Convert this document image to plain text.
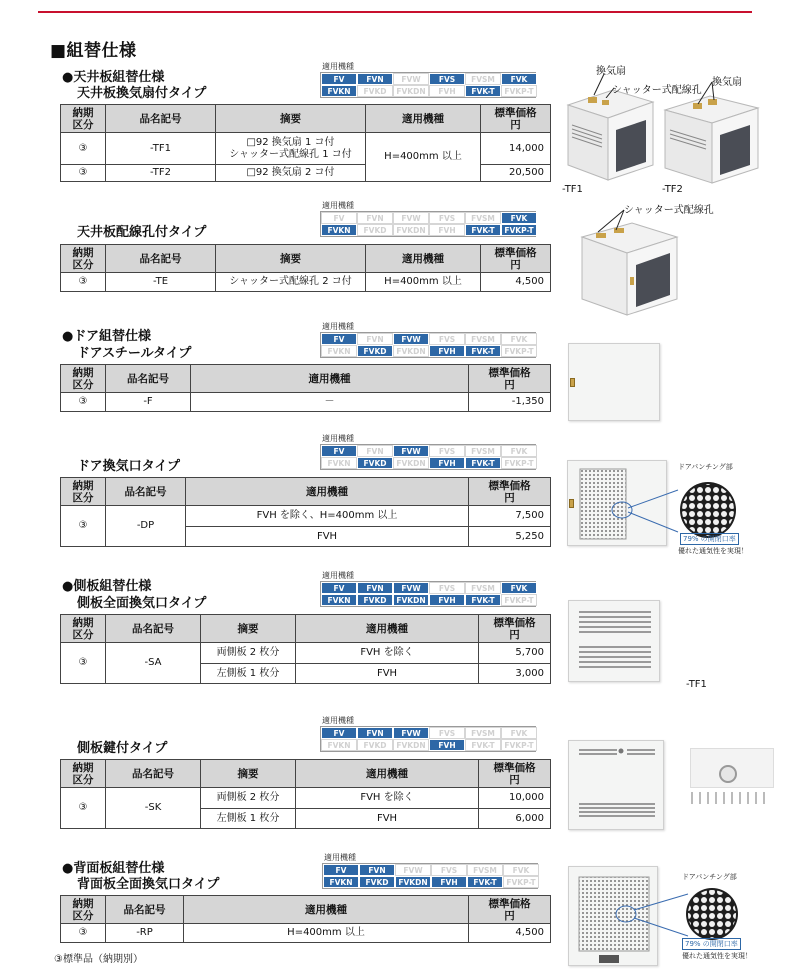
■組替仕様
●天井板組替仕様
天井板換気扇付タイプ
適用機種
FV	FVN	FVW	FVS	FVSM	FVK
FVKN	FVKD	FVKDN	FVH	FVK-T	FVKP-T
納期
区分	品名記号	摘要	適用機種	標準価格
円
③	-TF1	□92 換気扇 1 コ付
シャッター式配線孔 1 コ付	H=400mm 以上	14,000
③	-TF2	□92 換気扇 2 コ付		20,500
天井板配線孔付タイプ
適用機種
FV	FVN	FVW	FVS	FVSM	FVK
FVKN	FVKD	FVKDN	FVH	FVK-T	FVKP-T
納期
区分	品名記号	摘要	適用機種	標準価格
円
③	-TE	シャッター式配線孔 2 コ付	H=400mm 以上	4,500
●ドア組替仕様
ドアスチールタイプ
適用機種
FV	FVN	FVW	FVS	FVSM	FVK
FVKN	FVKD	FVKDN	FVH	FVK-T	FVKP-T
納期
区分	品名記号	適用機種	標準価格
円
③	-F	－	-1,350
ドア換気口タイプ
適用機種
FV	FVN	FVW	FVS	FVSM	FVK
FVKN	FVKD	FVKDN	FVH	FVK-T	FVKP-T
納期
区分	品名記号	適用機種	標準価格
円
③	-DP	FVH を除く、H=400mm 以上	7,500
		FVH	5,250
●側板組替仕様
側板全面換気口タイプ
適用機種
FV	FVN	FVW	FVS	FVSM	FVK
FVKN	FVKD	FVKDN	FVH	FVK-T	FVKP-T
納期
区分	品名記号	摘要	適用機種	標準価格
円
③	-SA	両側板 2 枚分	FVH を除く	5,700
		左側板 1 枚分	FVH	3,000
側板鍵付タイプ
適用機種
FV	FVN	FVW	FVS	FVSM	FVK
FVKN	FVKD	FVKDN	FVH	FVK-T	FVKP-T
納期
区分	品名記号	摘要	適用機種	標準価格
円
③	-SK	両側板 2 枚分	FVH を除く	10,000
		左側板 1 枚分	FVH	6,000
●背面板組替仕様
背面板全面換気口タイプ
適用機種
FV	FVN	FVW	FVS	FVSM	FVK
FVKN	FVKD	FVKDN	FVH	FVK-T	FVKP-T
納期
区分	品名記号	適用機種	標準価格
円
③	-RP	H=400mm 以上	4,500
③標準品（納期別）
換気扇
シャッター式配線孔
-TF1
換気扇
-TF2
シャッター式配線孔
ドアパンチング部
79% の開閉口率
優れた通気性を実現！
-TF1
ドアパンチング部
79% の開閉口率
優れた通気性を実現！
